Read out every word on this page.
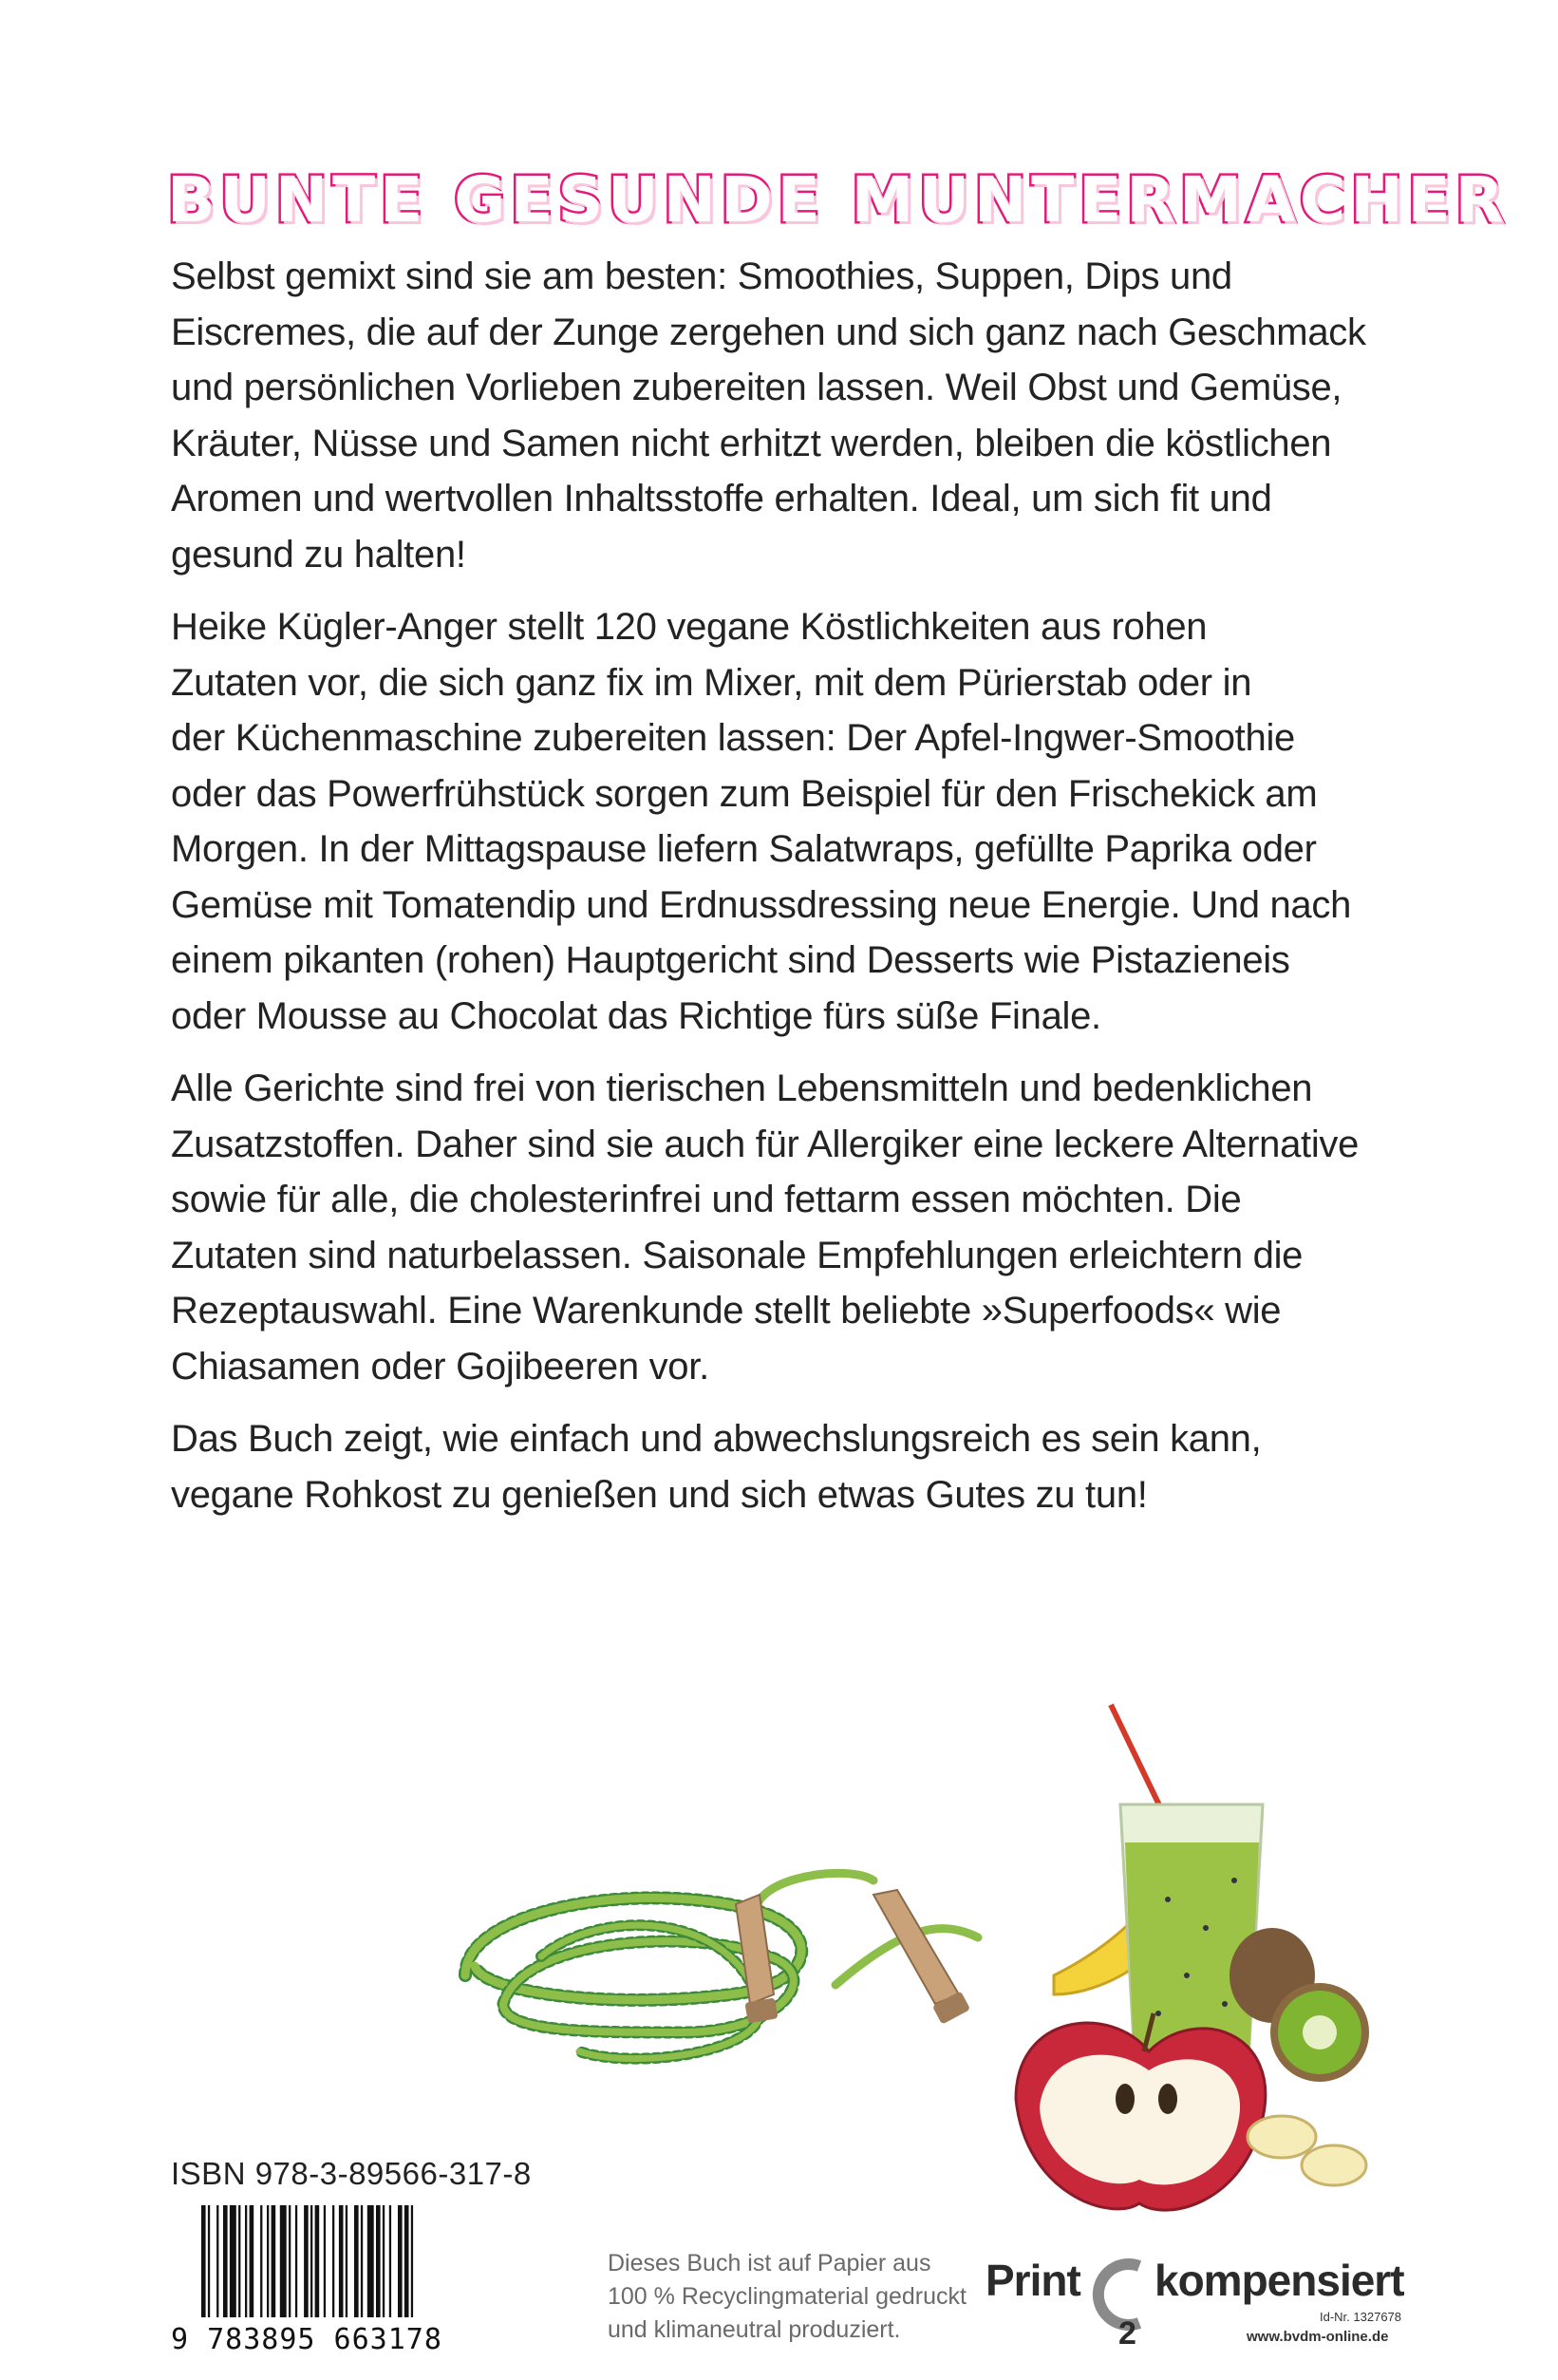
BUNTE GESUNDE MUNTERMACHER

Selbst gemixt sind sie am besten: Smoothies, Suppen, Dips und
Eiscremes, die auf der Zunge zergehen und sich ganz nach Geschmack
und persönlichen Vorlieben zubereiten lassen. Weil Obst und Gemüse,
Kräuter, Nüsse und Samen nicht erhitzt werden, bleiben die köstlichen
Aromen und wertvollen Inhaltsstoffe erhalten. Ideal, um sich fit und
gesund zu halten!

Heike Kügler-Anger stellt 120 vegane Köstlichkeiten aus rohen
Zutaten vor, die sich ganz fix im Mixer, mit dem Pürierstab oder in
der Küchenmaschine zubereiten lassen: Der Apfel-Ingwer-Smoothie
oder das Powerfrühstück sorgen zum Beispiel für den Frischekick am
Morgen. In der Mittagspause liefern Salatwraps, gefüllte Paprika oder
Gemüse mit Tomatendip und Erdnussdressing neue Energie. Und nach
einem pikanten (rohen) Hauptgericht sind Desserts wie Pistazieneis
oder Mousse au Chocolat das Richtige fürs süße Finale.

Alle Gerichte sind frei von tierischen Lebensmitteln und bedenklichen
Zusatzstoffen. Daher sind sie auch für Allergiker eine leckere Alternative
sowie für alle, die cholesterinfrei und fettarm essen möchten. Die
Zutaten sind naturbelassen. Saisonale Empfehlungen erleichtern die
Rezeptauswahl. Eine Warenkunde stellt beliebte »Superfoods« wie
Chiasamen oder Gojibeeren vor.

Das Buch zeigt, wie einfach und abwechslungsreich es sein kann,
vegane Rohkost zu genießen und sich etwas Gutes zu tun!

ISBN 978-3-89566-317-8
9 783895 663178
Dieses Buch ist auf Papier aus
100 % Recyclingmaterial gedruckt
und klimaneutral produziert.
Print
2
kompensiert
Id-Nr. 1327678
www.bvdm-online.de
